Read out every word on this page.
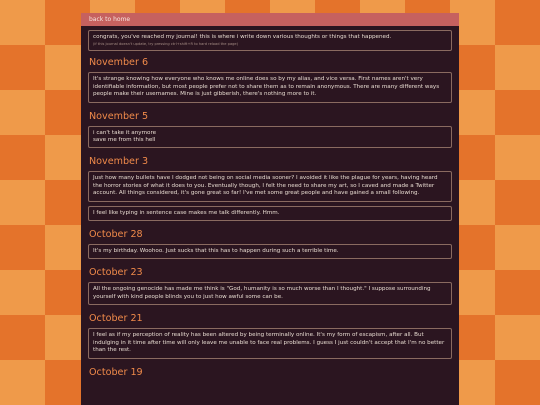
back to home
congrats, you've reached my journal! this is where i write down various thoughts or things that happened.
(if this journal doesn't update, try pressing ctrl+shift+R to hard reload the page)
November 6
It's strange knowing how everyone who knows me online does so by my alias, and vice versa. First names aren't very identifiable information, but most people prefer not to share them as to remain anonymous. There are many different ways people make their usernames. Mine is just gibberish, there's nothing more to it.
November 5
i can't take it anymore
save me from this hell
November 3
Just how many bullets have I dodged not being on social media sooner? I avoided it like the plague for years, having heard the horror stories of what it does to you. Eventually though, I felt the need to share my art, so I caved and made a Twitter account. All things considered, it's gone great so far! I've met some great people and have gained a small following.
I feel like typing in sentence case makes me talk differently. Hmm.
October 28
It's my birthday. Woohoo. Just sucks that this has to happen during such a terrible time.
October 23
All the ongoing genocide has made me think is "God, humanity is so much worse than I thought." I suppose surrounding yourself with kind people blinds you to just how awful some can be.
October 21
I feel as if my perception of reality has been altered by being terminally online. It's my form of escapism, after all. But indulging in it time after time will only leave me unable to face real problems. I guess I just couldn't accept that I'm no better than the rest.
October 19
